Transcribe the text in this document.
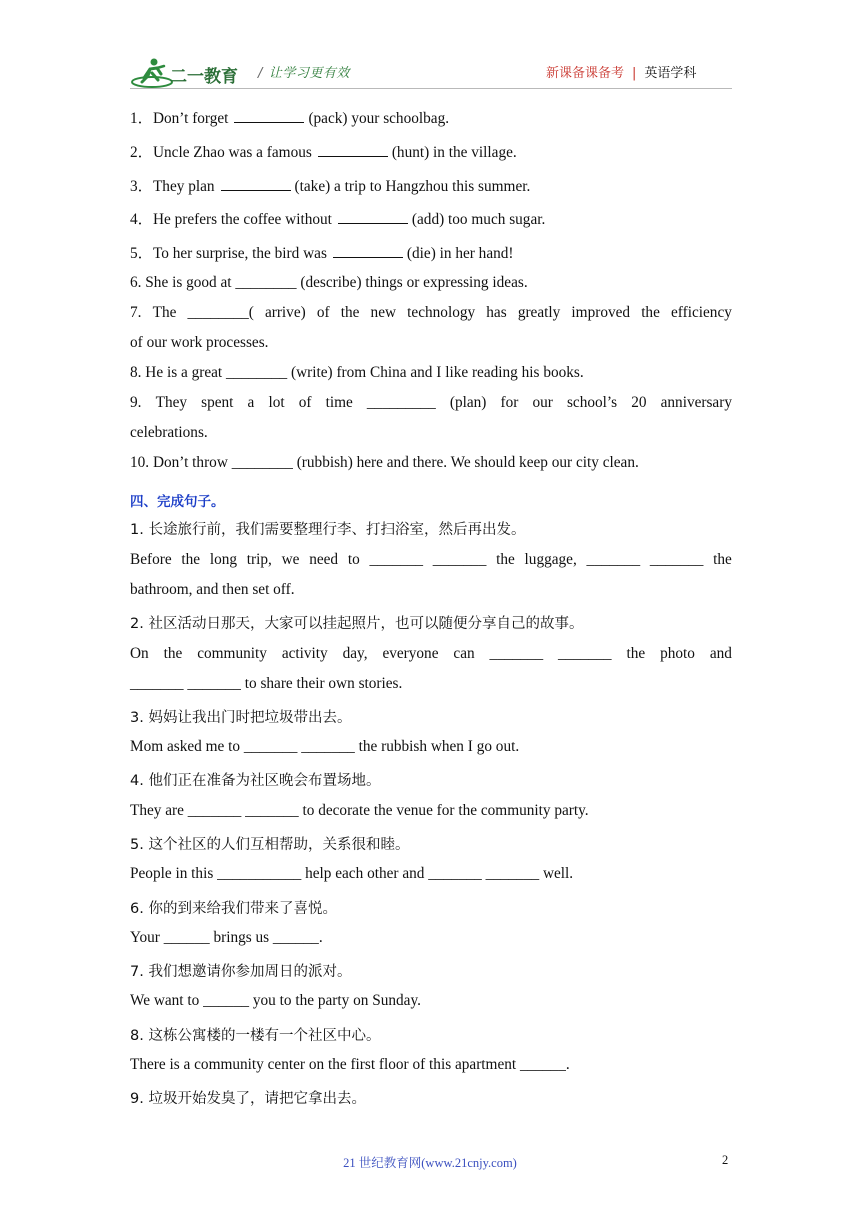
二一教育 / 让学习更有效	新课备课备考 | 英语学科
1．Don’t forget	(pack) your schoolbag.
2．Uncle Zhao was a famous	(hunt) in the village.
3．They plan	(take) a trip to Hangzhou this summer.
4．He prefers the coffee without	(add) too much sugar.
5．To her surprise, the bird was	(die) in her hand!
6. She is good at ________ (describe) things or expressing ideas.
7. The ________( arrive) of the new technology has greatly improved the efficiency
of our work processes.
8. He is a great ________ (write) from China and I like reading his books.
9. They spent a lot of time _________ (plan) for our school’s 20 anniversary
celebrations.
10. Don’t throw ________ (rubbish) here and there. We should keep our city clean.
四、完成句子。
1. 长途旅行前，我们需要整理行李、打扫浴室，然后再出发。
Before the long trip, we need to _______ _______ the luggage, _______ _______ the
bathroom, and then set off.
2. 社区活动日那天，大家可以挂起照片，也可以随便分享自己的故事。
On the community activity day, everyone can _______ _______ the photo and
_______ _______ to share their own stories.
3. 妈妈让我出门时把垃圾带出去。
Mom asked me to _______ _______ the rubbish when I go out.
4. 他们正在准备为社区晚会布置场地。
They are _______ _______ to decorate the venue for the community party.
5. 这个社区的人们互相帮助，关系很和睦。
People in this ___________ help each other and _______ _______ well.
6. 你的到来给我们带来了喜悦。
Your ______ brings us ______.
7. 我们想邀请你参加周日的派对。
We want to ______ you to the party on Sunday.
8. 这栋公寓楼的一楼有一个社区中心。
There is a community center on the first floor of this apartment ______.
9. 垃圾开始发臭了，请把它拿出去。
21 世纪教育网(www.21cnjy.com)	2
